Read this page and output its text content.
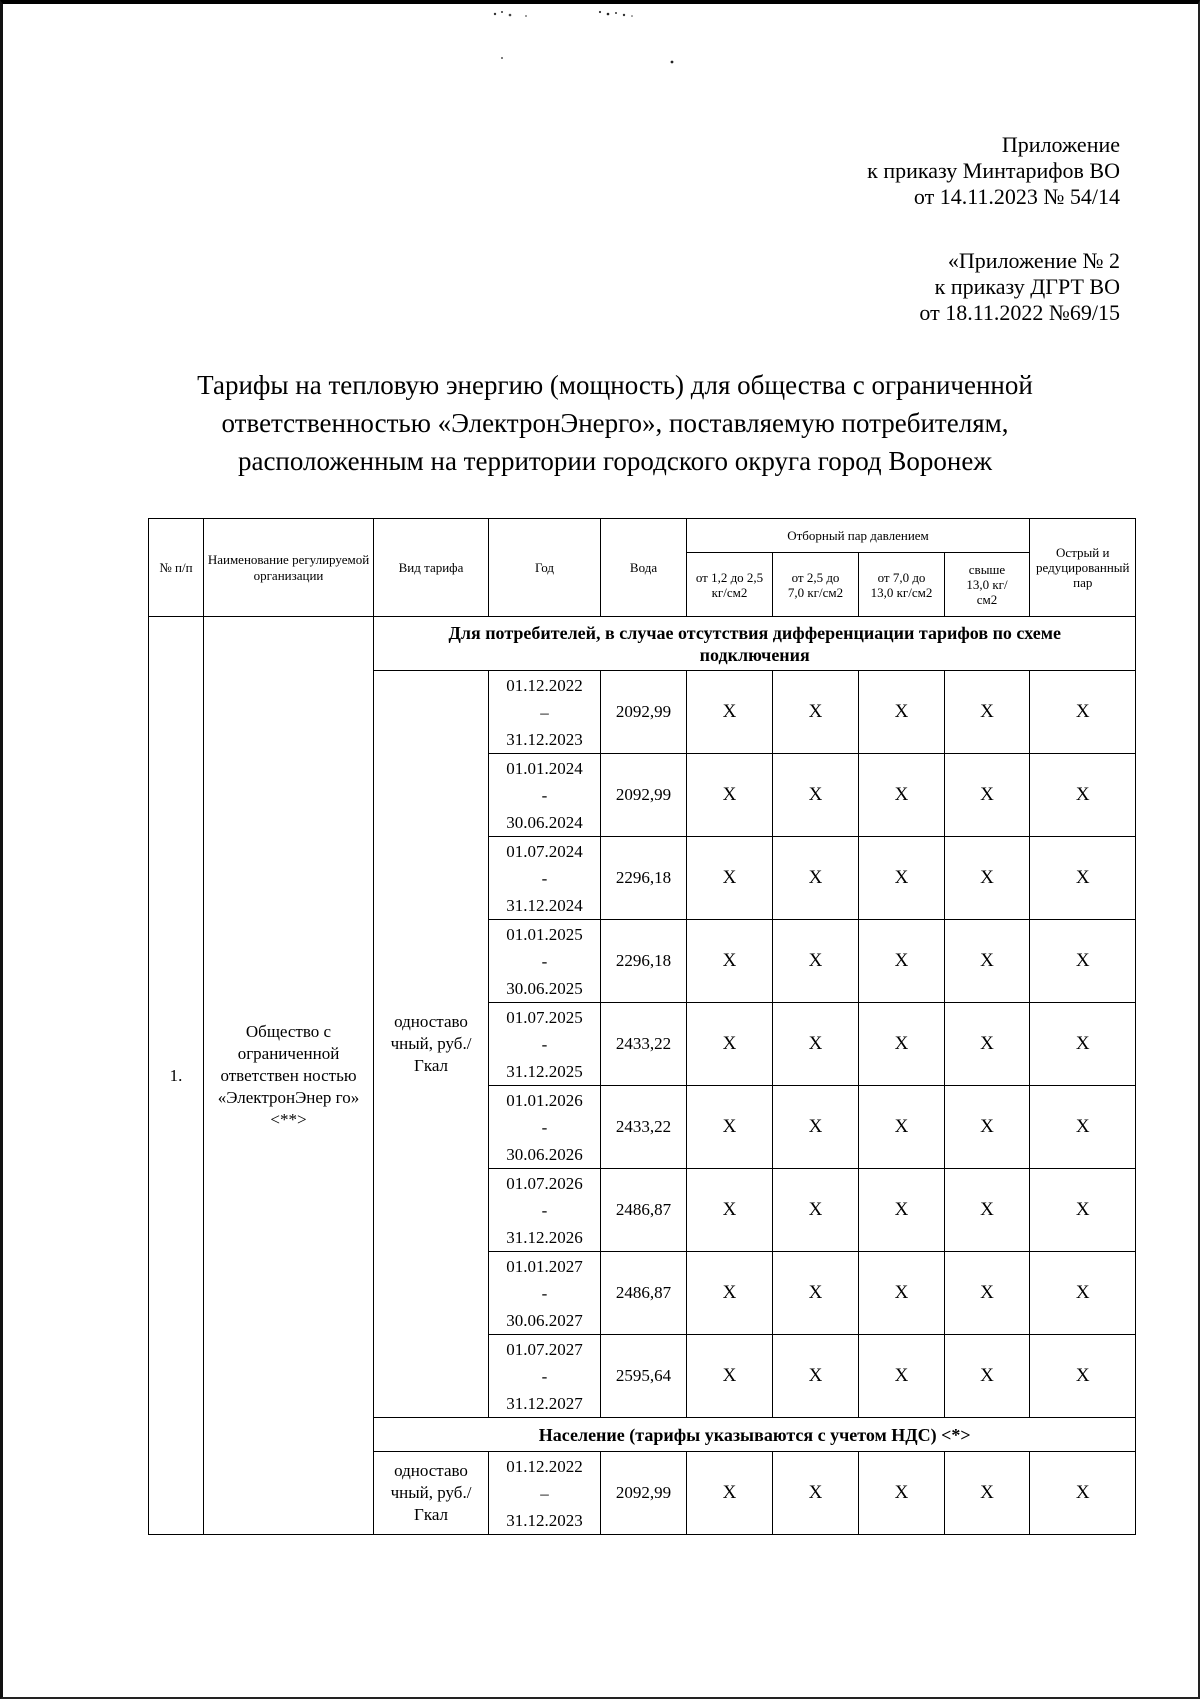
Приложение
к приказу Минтарифов ВО
от 14.11.2023 № 54/14
«Приложение № 2
к приказу ДГРТ ВО
от 18.11.2022 №69/15
Тарифы на тепловую энергию (мощность) для общества с ограниченной
ответственностью «ЭлектронЭнерго», поставляемую потребителям,
расположенным на территории городского округа город Воронеж
№ п/п	Наименование регулируемой организации	Вид тарифа	Год	Вода	Отборный пар давлением				Острый и редуцированный пар
					от 1,2 до 2,5 кг/см2	от 2,5 до 7,0 кг/см2	от 7,0 до 13,0 кг/см2	свыше 13,0 кг/см2	
1.	Общество с ограниченной ответствен ностью «ЭлектронЭнер го» <**>	Для потребителей, в случае отсутствия дифференциации тарифов по схеме подключения							
		одноставо чный, руб./Гкал	01.12.2022
–
31.12.2023	2092,99	X	X	X	X	X

			01.01.2024
-
30.06.2024	2092,99	X	X	X	X	X

			01.07.2024
-
31.12.2024	2296,18	X	X	X	X	X

			01.01.2025
-
30.06.2025	2296,18	X	X	X	X	X

			01.07.2025
-
31.12.2025	2433,22	X	X	X	X	X

			01.01.2026
-
30.06.2026	2433,22	X	X	X	X	X

			01.07.2026
-
31.12.2026	2486,87	X	X	X	X	X

			01.01.2027
-
30.06.2027	2486,87	X	X	X	X	X

			01.07.2027
-
31.12.2027	2595,64	X	X	X	X	X
		Население (тарифы указываются с учетом НДС) <*>							
		одноставо чный, руб./Гкал	01.12.2022
–
31.12.2023	2092,99	X	X	X	X	X
